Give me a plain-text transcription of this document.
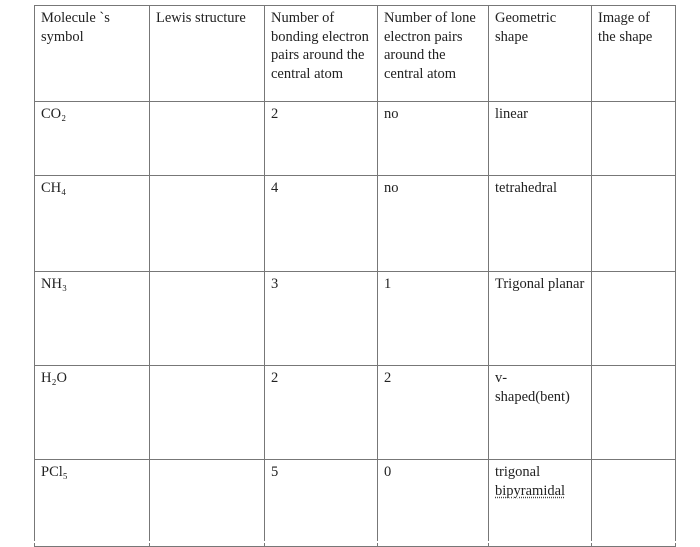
Molecule `s symbol	Lewis structure	Number of bonding electron pairs around the central atom	Number of lone electron pairs around the central atom	Geometric shape	Image of the shape

CO₂		2	no	linear	

CH₄		4	no	tetrahedral	

NH₃		3	1	Trigonal planar	

H₂O		2	2	v-
shaped(bent)	

PCl₅		5	0	trigonal
bipyramidal	
